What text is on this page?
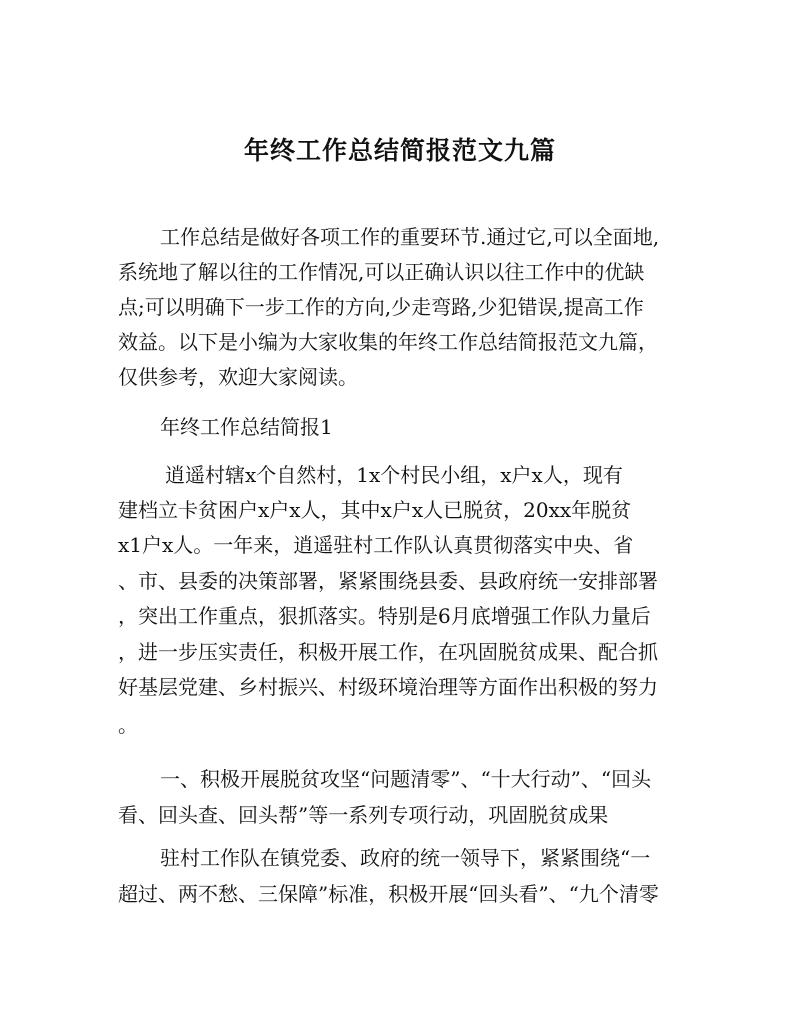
年终工作总结简报范文九篇
工作总结是做好各项工作的重要环节.通过它,可以全面地,
系统地了解以往的工作情况,可以正确认识以往工作中的优缺
点;可以明确下一步工作的方向,少走弯路,少犯错误,提高工作
效益。以下是小编为大家收集的年终工作总结简报范文九篇，
仅供参考，欢迎大家阅读。
年终工作总结简报1
逍遥村辖x个自然村，1x个村民小组，x户x人，现有
建档立卡贫困户x户x人，其中x户x人已脱贫，20xx年脱贫
x1户x人。一年来，逍遥驻村工作队认真贯彻落实中央、省
、市、县委的决策部署，紧紧围绕县委、县政府统一安排部署
，突出工作重点，狠抓落实。特别是6月底增强工作队力量后
，进一步压实责任，积极开展工作，在巩固脱贫成果、配合抓
好基层党建、乡村振兴、村级环境治理等方面作出积极的努力
。
一、积极开展脱贫攻坚“问题清零”、“十大行动”、“回头
看、回头查、回头帮”等一系列专项行动，巩固脱贫成果
驻村工作队在镇党委、政府的统一领导下，紧紧围绕“一
超过、两不愁、三保障”标准，积极开展“回头看”、“九个清零
